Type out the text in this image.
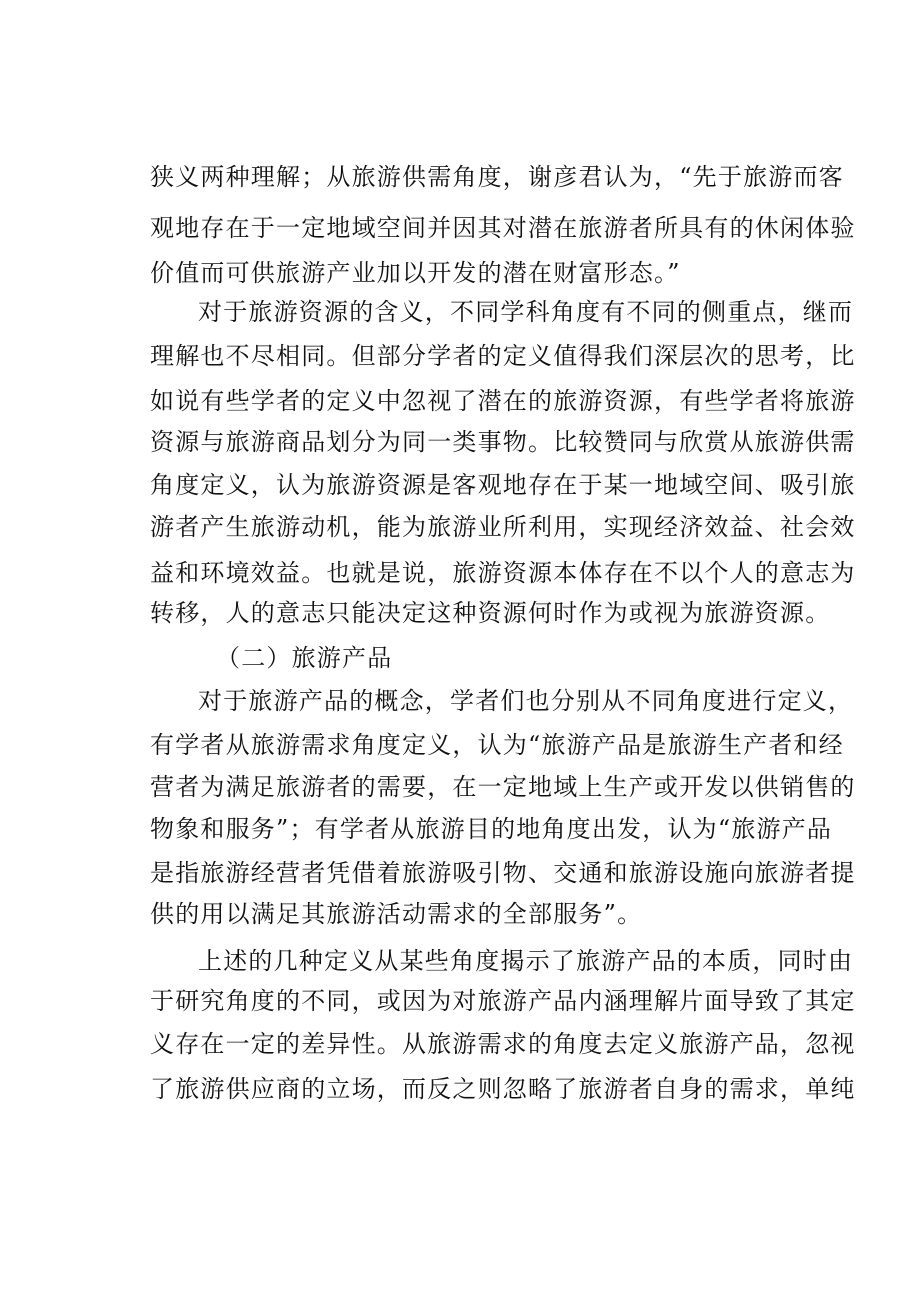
狭义两种理解；从旅游供需角度，谢彦君认为，“先于旅游而客
观地存在于一定地域空间并因其对潜在旅游者所具有的休闲体验
价值而可供旅游产业加以开发的潜在财富形态。”
对于旅游资源的含义，不同学科角度有不同的侧重点，继而
理解也不尽相同。但部分学者的定义值得我们深层次的思考，比
如说有些学者的定义中忽视了潜在的旅游资源，有些学者将旅游
资源与旅游商品划分为同一类事物。比较赞同与欣赏从旅游供需
角度定义，认为旅游资源是客观地存在于某一地域空间、吸引旅
游者产生旅游动机，能为旅游业所利用，实现经济效益、社会效
益和环境效益。也就是说，旅游资源本体存在不以个人的意志为
转移，人的意志只能决定这种资源何时作为或视为旅游资源。
（二）旅游产品
对于旅游产品的概念，学者们也分别从不同角度进行定义，
有学者从旅游需求角度定义，认为“旅游产品是旅游生产者和经
营者为满足旅游者的需要，在一定地域上生产或开发以供销售的
物象和服务”；有学者从旅游目的地角度出发，认为“旅游产品
是指旅游经营者凭借着旅游吸引物、交通和旅游设施向旅游者提
供的用以满足其旅游活动需求的全部服务”。
上述的几种定义从某些角度揭示了旅游产品的本质，同时由
于研究角度的不同，或因为对旅游产品内涵理解片面导致了其定
义存在一定的差异性。从旅游需求的角度去定义旅游产品，忽视
了旅游供应商的立场，而反之则忽略了旅游者自身的需求，单纯
